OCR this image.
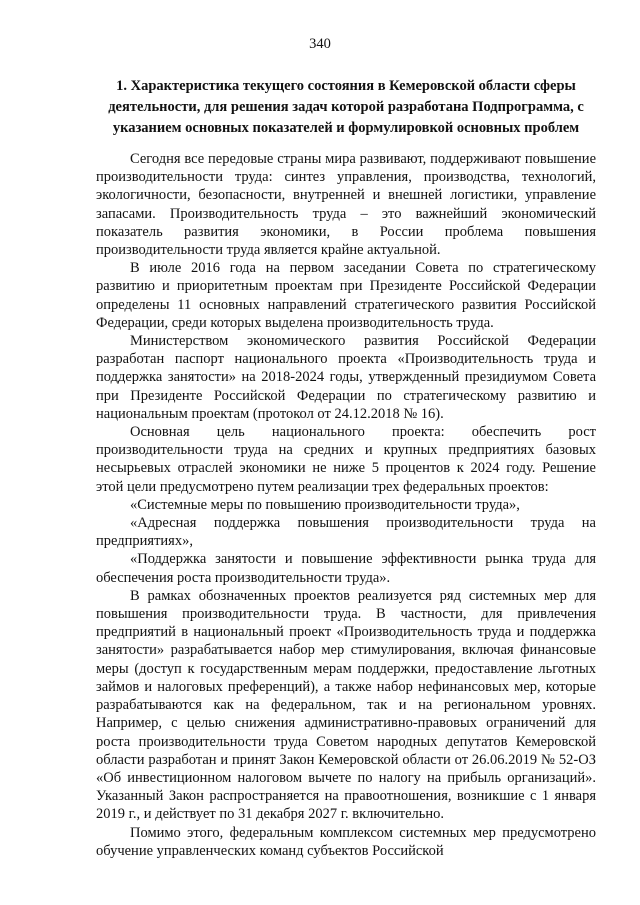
340
1. Характеристика текущего состояния в Кемеровской области сферы деятельности, для решения задач которой разработана Подпрограмма, с указанием основных показателей и формулировкой основных проблем

Сегодня все передовые страны мира развивают, поддерживают повышение производительности труда: синтез управления, производства, технологий, экологичности, безопасности, внутренней и внешней логистики, управление запасами. Производительность труда – это важнейший экономический показатель развития экономики, в России проблема повышения производительности труда является крайне актуальной.

В июле 2016 года на первом заседании Совета по стратегическому развитию и приоритетным проектам при Президенте Российской Федерации определены 11 основных направлений стратегического развития Российской Федерации, среди которых выделена производительность труда.

Министерством экономического развития Российской Федерации разработан паспорт национального проекта «Производительность труда и поддержка занятости» на 2018-2024 годы, утвержденный президиумом Совета при Президенте Российской Федерации по стратегическому развитию и национальным проектам (протокол от 24.12.2018 № 16).

Основная цель национального проекта: обеспечить рост производительности труда на средних и крупных предприятиях базовых несырьевых отраслей экономики не ниже 5 процентов к 2024 году. Решение этой цели предусмотрено путем реализации трех федеральных проектов:

«Системные меры по повышению производительности труда»,

«Адресная поддержка повышения производительности труда на предприятиях»,

«Поддержка занятости и повышение эффективности рынка труда для обеспечения роста производительности труда».

В рамках обозначенных проектов реализуется ряд системных мер для повышения производительности труда. В частности, для привлечения предприятий в национальный проект «Производительность труда и поддержка занятости» разрабатывается набор мер стимулирования, включая финансовые меры (доступ к государственным мерам поддержки, предоставление льготных займов и налоговых преференций), а также набор нефинансовых мер, которые разрабатываются как на федеральном, так и на региональном уровнях. Например, с целью снижения административно-правовых ограничений для роста производительности труда Советом народных депутатов Кемеровской области разработан и принят Закон Кемеровской области от 26.06.2019 № 52-ОЗ «Об инвестиционном налоговом вычете по налогу на прибыль организаций». Указанный Закон распространяется на правоотношения, возникшие с 1 января 2019 г., и действует по 31 декабря 2027 г. включительно.

Помимо этого, федеральным комплексом системных мер предусмотрено обучение управленческих команд субъектов Российской
